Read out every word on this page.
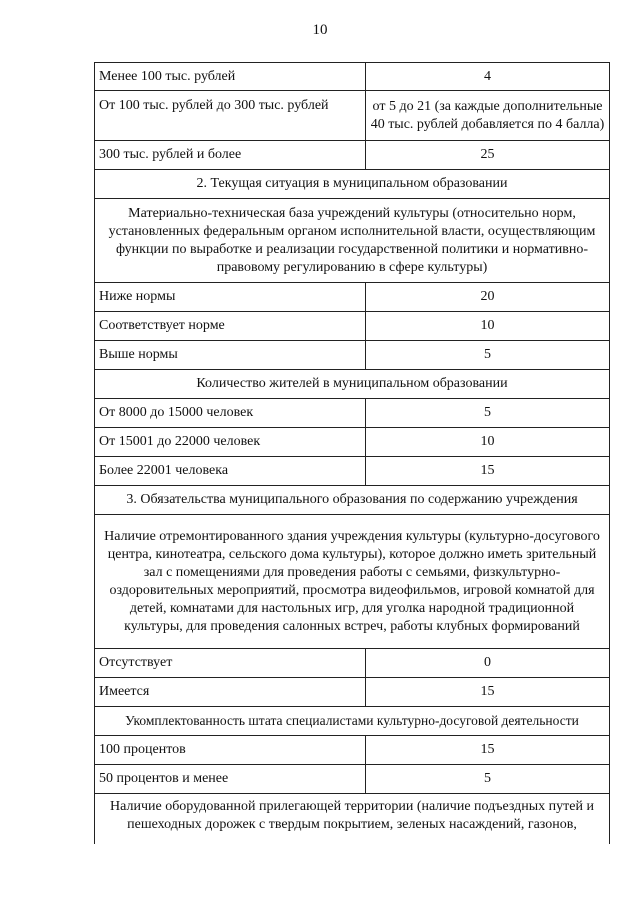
10
Менее 100 тыс. рублей	4
От 100 тыс. рублей до 300 тыс. рублей	от 5 до 21 (за каждые дополнительные 40 тыс. рублей добавляется по 4 балла)
300 тыс. рублей и более	25
2. Текущая ситуация в муниципальном образовании	
Материально-техническая база учреждений культуры (относительно норм, установленных федеральным органом исполнительной власти, осуществляющим функции по выработке и реализации государственной политики и нормативно-правовому регулированию в сфере культуры)	
Ниже нормы	20
Соответствует норме	10
Выше нормы	5
Количество жителей в муниципальном образовании	
От 8000 до 15000 человек	5
От 15001 до 22000 человек	10
Более 22001 человека	15
3. Обязательства муниципального образования по содержанию учреждения	
Наличие отремонтированного здания учреждения культуры (культурно-досугового центра, кинотеатра, сельского дома культуры), которое должно иметь зрительный зал с помещениями для проведения работы с семьями, физкультурно-оздоровительных мероприятий, просмотра видеофильмов, игровой комнатой для детей, комнатами для настольных игр, для уголка народной традиционной культуры, для проведения салонных встреч, работы клубных формирований	
Отсутствует	0
Имеется	15
Укомплектованность штата специалистами культурно-досуговой деятельности	
100 процентов	15
50 процентов и менее	5
Наличие оборудованной прилегающей территории (наличие подъездных путей и пешеходных дорожек с твердым покрытием, зеленых насаждений, газонов,	
